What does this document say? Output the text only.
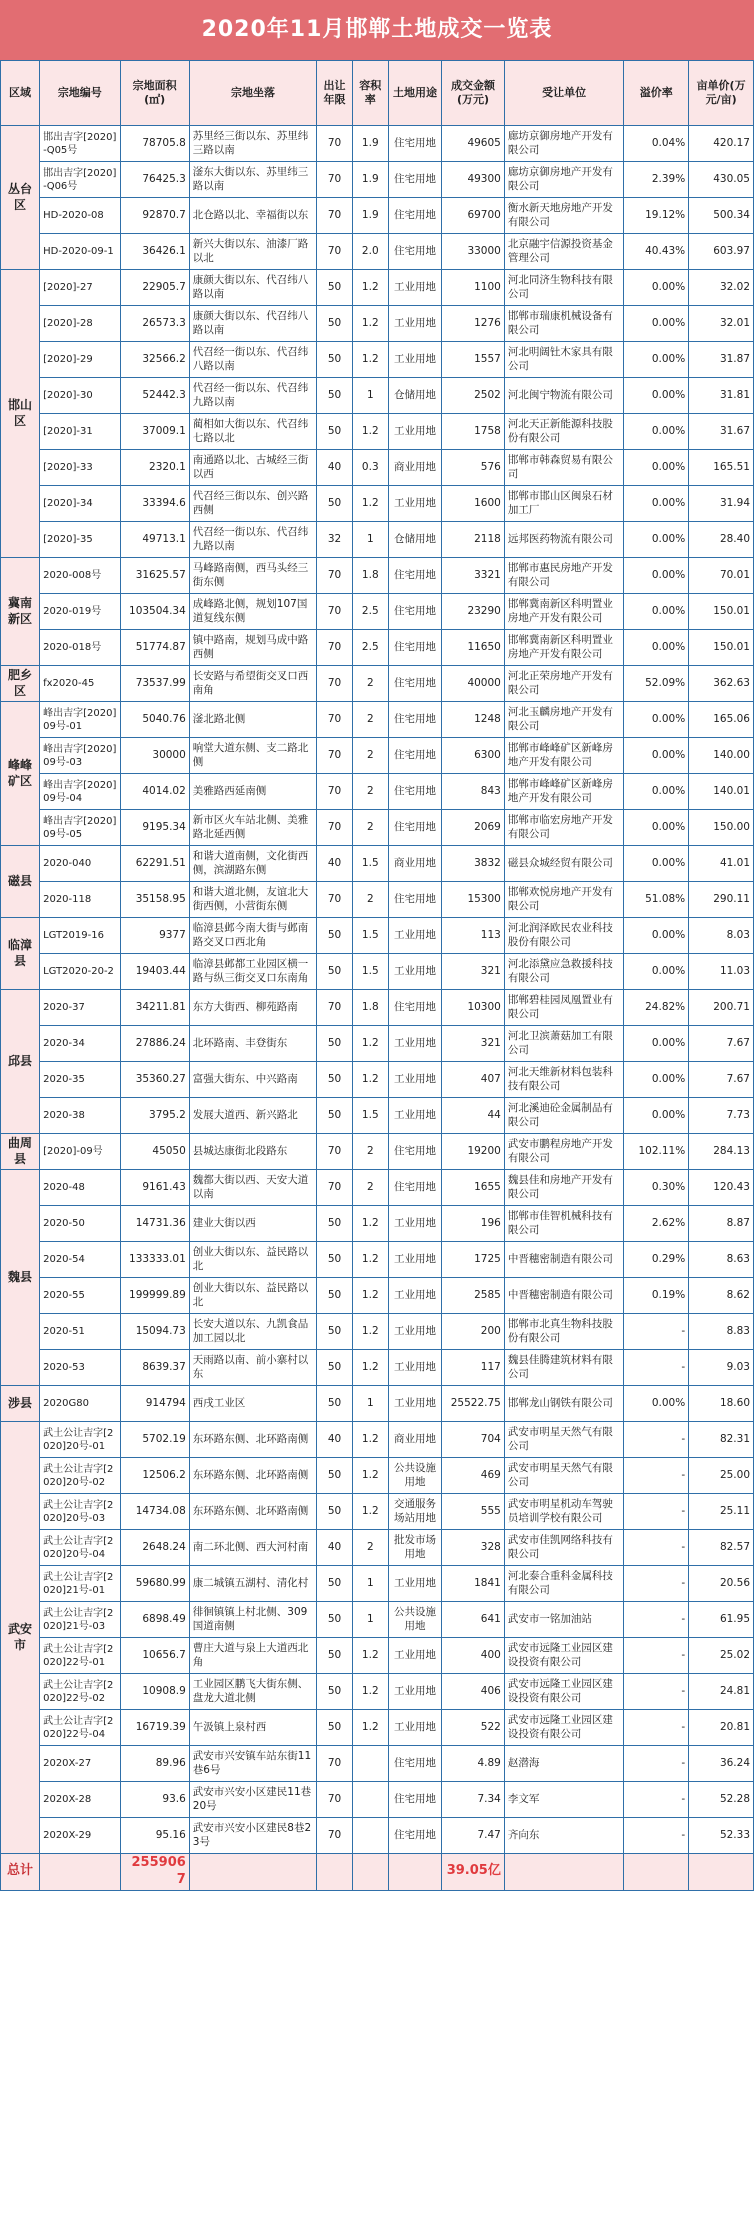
2020年11月邯郸土地成交一览表
区域	宗地编号	宗地面积(㎡)	宗地坐落	出让年限	容积率	土地用途	成交金额(万元)	受让单位	溢价率	亩单价(万元/亩)
丛台区	邯出吉字[2020]-Q05号	78705.8	苏里经三街以东、苏里纬三路以南	70	1.9	住宅用地	49605	廊坊京御房地产开发有限公司	0.04%	420.17
	邯出吉字[2020]-Q06号	76425.3	滏东大街以东、苏里纬三路以南	70	1.9	住宅用地	49300	廊坊京御房地产开发有限公司	2.39%	430.05
	HD-2020-08	92870.7	北仓路以北、幸福街以东	70	1.9	住宅用地	69700	衡水新天地房地产开发有限公司	19.12%	500.34
	HD-2020-09-1	36426.1	新兴大街以东、油漆厂路以北	70	2.0	住宅用地	33000	北京融宇信源投资基金管理公司	40.43%	603.97
邯山区	[2020]-27	22905.7	康颜大街以东、代召纬八路以南	50	1.2	工业用地	1100	河北同济生物科技有限公司	0.00%	32.02
	[2020]-28	26573.3	康颜大街以东、代召纬八路以南	50	1.2	工业用地	1276	邯郸市瑞康机械设备有限公司	0.00%	32.01
	[2020]-29	32566.2	代召经一街以东、代召纬八路以南	50	1.2	工业用地	1557	河北明阔钍木家具有限公司	0.00%	31.87
	[2020]-30	52442.3	代召经一街以东、代召纬九路以南	50	1	仓储用地	2502	河北闽宁物流有限公司	0.00%	31.81
	[2020]-31	37009.1	蔺相如大街以东、代召纬七路以北	50	1.2	工业用地	1758	河北天正新能源科技股份有限公司	0.00%	31.67
	[2020]-33	2320.1	南通路以北、古城经三街以西	40	0.3	商业用地	576	邯郸市韩森贸易有限公司	0.00%	165.51
	[2020]-34	33394.6	代召经三街以东、创兴路西侧	50	1.2	工业用地	1600	邯郸市邯山区闽泉石材加工厂	0.00%	31.94
	[2020]-35	49713.1	代召经一街以东、代召纬九路以南	32	1	仓储用地	2118	远邦医药物流有限公司	0.00%	28.40
冀南新区	2020-008号	31625.57	马峰路南侧，西马头经三街东侧	70	1.8	住宅用地	3321	邯郸市惠民房地产开发有限公司	0.00%	70.01
	2020-019号	103504.34	成峰路北侧，规划107国道复线东侧	70	2.5	住宅用地	23290	邯郸冀南新区科明置业房地产开发有限公司	0.00%	150.01
	2020-018号	51774.87	镇中路南，规划马成中路西侧	70	2.5	住宅用地	11650	邯郸冀南新区科明置业房地产开发有限公司	0.00%	150.01
肥乡区	fx2020-45	73537.99	长安路与希望街交叉口西南角	70	2	住宅用地	40000	河北正荣房地产开发有限公司	52.09%	362.63
峰峰矿区	峰出吉字[2020]09号-01	5040.76	滏北路北侧	70	2	住宅用地	1248	河北玉麟房地产开发有限公司	0.00%	165.06
	峰出吉字[2020]09号-03	30000	响堂大道东侧、支二路北侧	70	2	住宅用地	6300	邯郸市峰峰矿区新峰房地产开发有限公司	0.00%	140.00
	峰出吉字[2020]09号-04	4014.02	美雅路西延南侧	70	2	住宅用地	843	邯郸市峰峰矿区新峰房地产开发有限公司	0.00%	140.01
	峰出吉字[2020]09号-05	9195.34	新市区火车站北侧、美雅路北延西侧	70	2	住宅用地	2069	邯郸市临宏房地产开发有限公司	0.00%	150.00
磁县	2020-040	62291.51	和谐大道南侧，文化街西侧，滨湖路东侧	40	1.5	商业用地	3832	磁县众城经贸有限公司	0.00%	41.01
	2020-118	35158.95	和谐大道北侧，友谊北大街西侧，小营街东侧	70	2	住宅用地	15300	邯郸欢悦房地产开发有限公司	51.08%	290.11
临漳县	LGT2019-16	9377	临漳县邺今南大街与邺南路交叉口西北角	50	1.5	工业用地	113	河北润泽欧民农业科技股份有限公司	0.00%	8.03
	LGT2020-20-2	19403.44	临漳县邺都工业园区横一路与纵三街交叉口东南角	50	1.5	工业用地	321	河北添黛应急救援科技有限公司	0.00%	11.03
邱县	2020-37	34211.81	东方大街西、柳苑路南	70	1.8	住宅用地	10300	邯郸碧桂园凤凰置业有限公司	24.82%	200.71
	2020-34	27886.24	北环路南、丰登街东	50	1.2	工业用地	321	河北卫滨萧菇加工有限公司	0.00%	7.67
	2020-35	35360.27	富强大街东、中兴路南	50	1.2	工业用地	407	河北天维新材料包装科技有限公司	0.00%	7.67
	2020-38	3795.2	发展大道西、新兴路北	50	1.5	工业用地	44	河北溪迪砼金属制品有限公司	0.00%	7.73
曲周县	[2020]-09号	45050	县城达康街北段路东	70	2	住宅用地	19200	武安市鹏程房地产开发有限公司	102.11%	284.13
魏县	2020-48	9161.43	魏都大街以西、天安大道以南	70	2	住宅用地	1655	魏县佳和房地产开发有限公司	0.30%	120.43
	2020-50	14731.36	建业大街以西	50	1.2	工业用地	196	邯郸市佳智机械科技有限公司	2.62%	8.87
	2020-54	133333.01	创业大街以东、益民路以北	50	1.2	工业用地	1725	中晋穗密制造有限公司	0.29%	8.63
	2020-55	199999.89	创业大街以东、益民路以北	50	1.2	工业用地	2585	中晋穗密制造有限公司	0.19%	8.62
	2020-51	15094.73	长安大道以东、九凯食品加工园以北	50	1.2	工业用地	200	邯郸市北真生物科技股份有限公司	-	8.83
	2020-53	8639.37	天雨路以南、前小寨村以东	50	1.2	工业用地	117	魏县佳腾建筑材料有限公司	-	9.03
涉县	2020G80	914794	西戌工业区	50	1	工业用地	25522.75	邯郸龙山钢铁有限公司	0.00%	18.60
武安市	武土公让吉字[2020]20号-01	5702.19	东环路东侧、北环路南侧	40	1.2	商业用地	704	武安市明星天然气有限公司	-	82.31
	武土公让吉字[2020]20号-02	12506.2	东环路东侧、北环路南侧	50	1.2	公共设施用地	469	武安市明星天然气有限公司	-	25.00
	武土公让吉字[2020]20号-03	14734.08	东环路东侧、北环路南侧	50	1.2	交通服务场站用地	555	武安市明星机动车驾驶员培训学校有限公司	-	25.11
	武土公让吉字[2020]20号-04	2648.24	南二环北侧、西大河村南	40	2	批发市场用地	328	武安市佳凯网络科技有限公司	-	82.57
	武土公让吉字[2020]21号-01	59680.99	康二城镇五湖村、清化村	50	1	工业用地	1841	河北泰合重科金属科技有限公司	-	20.56
	武土公让吉字[2020]21号-03	6898.49	徘徊镇镇上村北侧、309国道南侧	50	1	公共设施用地	641	武安市一铭加油站	-	61.95
	武土公让吉字[2020]22号-01	10656.7	曹庄大道与泉上大道西北角	50	1.2	工业用地	400	武安市远隆工业园区建设投资有限公司	-	25.02
	武土公让吉字[2020]22号-02	10908.9	工业园区鹏飞大街东侧、盘龙大道北侧	50	1.2	工业用地	406	武安市远隆工业园区建设投资有限公司	-	24.81
	武土公让吉字[2020]22号-04	16719.39	午汲镇上泉村西	50	1.2	工业用地	522	武安市远隆工业园区建设投资有限公司	-	20.81
	2020X-27	89.96	武安市兴安镇车站东街11巷6号	70		住宅用地	4.89	赵潜海	-	36.24
	2020X-28	93.6	武安市兴安小区建民11巷20号	70		住宅用地	7.34	李文军	-	52.28
	2020X-29	95.16	武安市兴安小区建民8巷23号	70		住宅用地	7.47	齐向东	-	52.33
总计		2559067					39.05亿			
